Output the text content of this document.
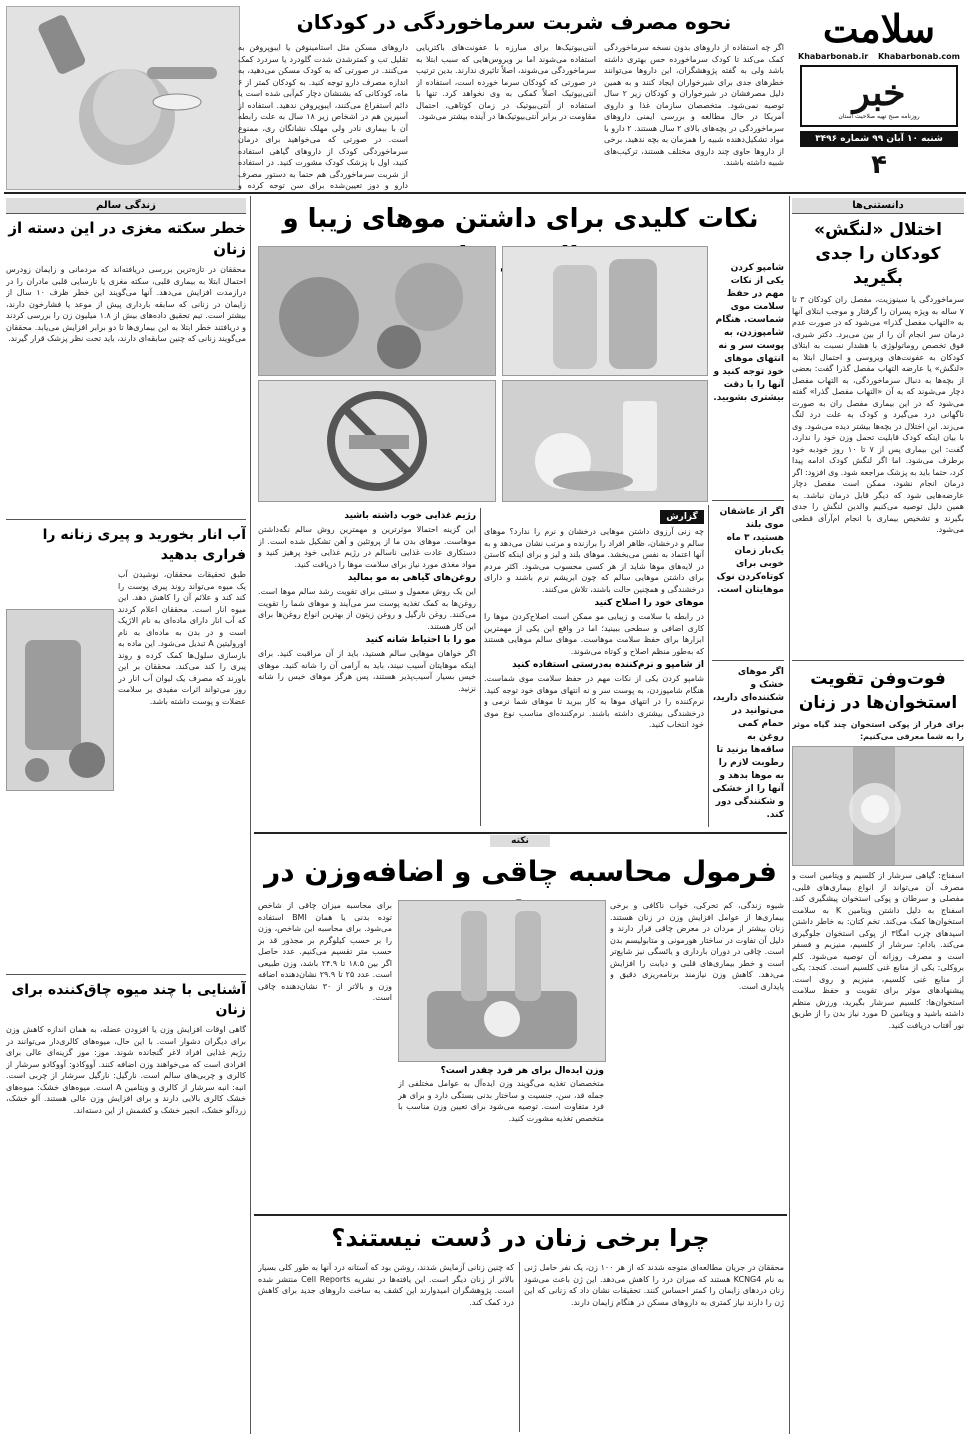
نحوه مصرف شربت سرماخوردگی در کودکان
اگر چه استفاده از داروهای بدون نسخه سرماخوردگی کمک می‌کند تا کودک سرماخورده حس بهتری داشته باشد ولی به گفته پژوهشگران، این داروها می‌توانند خطرهای جدی برای شیرخواران ایجاد کنند و به همین دلیل مصرفشان در شیرخواران و کودکان زیر ۲ سال توصیه نمی‌شود. متخصصان سازمان غذا و داروی آمریکا در حال مطالعه و بررسی ایمنی داروهای سرماخوردگی در بچه‌های بالای ۲ سال هستند. ۲ دارو با مواد تشکیل‌دهنده شبیه را همزمان به بچه ندهید، برخی از داروها حاوی چند داروی مختلف هستند، ترکیب‌های شبیه داشته باشند.
آنتی‌بیوتیک‌ها برای مبارزه با عفونت‌های باکتریایی استفاده می‌شوند اما بر ویروس‌هایی که سبب ابتلا به سرماخوردگی می‌شوند، اصلاً تاثیری ندارند. بدین ترتیب در صورتی که کودکان سرما خورده است، استفاده از آنتی‌بیوتیک اصلاً کمکی به وی نخواهد کرد. تنها با استفاده از آنتی‌بیوتیک در زمان کوتاهی، احتمال مقاومت در برابر آنتی‌بیوتیک‌ها در آینده بیشتر می‌شود.
داروهای مسکن مثل استامینوفن یا ایبوپروفن به تقلیل تب و کمترشدن شدت گلودرد یا سردرد کمک می‌کنند. در صورتی که به کودک مسکن می‌دهید، به اندازه مصرف دارو توجه کنید. به کودکان کمتر از ۶ ماه، کودکانی که بشنشان دچار کم‌آبی شده است یا دائم استفراغ می‌کنند، ایبوپروفن ندهید. استفاده از آسپرین هم در اشخاص زیر ۱۸ سال به علت رابطه آن با بیماری نادر ولی مهلک نشانگان ری، ممنوع است. در صورتی که می‌خواهید برای درمان سرماخوردگی کودک از داروهای گیاهی استفاده کنید، اول با پزشک کودک مشورت کنید. در استفاده از شربت سرماخوردگی هم حتما به دستور مصرف دارو و دوز تعیین‌شده برای سن توجه کرده و
سلامت
Khabarbonab.ir Khabarbonab.com
خبر
روزنامه صبح تهیه صلاحیت استان
شنبه ۱۰ آبان ۹۹ شماره ۳۴۹۶
۴
دانستنی‌ها
اختلال «لنگش» کودکان را جدی بگیرید
سرماخوردگی یا سینوزیت، مفصل ران کودکان ۳ تا ۷ ساله به ویژه پسران را گرفتار و موجب ابتلای آنها به «التهاب مفصل گذرا» می‌شود که در صورت عدم درمان سر انجام آن را از بین می‌برد. دکتر شیری، فوق تخصص روماتولوژی با هشدار نسبت به ابتلای کودکان به عفونت‌های ویروسی و احتمال ابتلا به «لنگش» یا عارضه التهاب مفصل گذرا گفت: بعضی از بچه‌ها به دنبال سرماخوردگی، به التهاب مفصل دچار می‌شوند که به آن «التهاب مفصل گذرا» گفته می‌شود که در این بیماری مفصل ران به صورت ناگهانی درد می‌گیرد و کودک به علت درد لنگ می‌زند. این اختلال در بچه‌ها بیشتر دیده می‌شود. وی با بیان اینکه کودک قابلیت تحمل وزن خود را ندارد، گفت: این بیماری پس از ۷ تا ۱۰ روز خودبه خود برطرف می‌شود. اما اگر لنگش کودک ادامه پیدا کرد، حتما باید به پزشک مراجعه شود. وی افزود: اگر درمان انجام نشود، ممکن است مفصل دچار عارضه‌هایی شود که دیگر قابل درمان نباشد. به همین دلیل توصیه می‌کنیم والدین لنگش را جدی بگیرند و تشخیص بیماری با انجام ام‌آرآی قطعی می‌شود.
فوت‌وفن تقویت استخوان‌ها در زنان
برای فرار از پوکی استخوان چند گیاه موثر را به شما معرفی می‌کنیم:
اسفناج: گیاهی سرشار از کلسیم و ویتامین است و مصرف آن می‌تواند از انواع بیماری‌های قلبی، مفصلی و سرطان و پوکی استخوان پیشگیری کند. اسفناج به دلیل داشتن ویتامین K به سلامت استخوان‌ها کمک می‌کند. تخم کتان: به خاطر داشتن اسیدهای چرب امگا۳ از پوکی استخوان جلوگیری می‌کند. بادام: سرشار از کلسیم، منیزیم و فسفر است و مصرف روزانه آن توصیه می‌شود. کلم بروکلی: یکی از منابع غنی کلسیم است. کنجد: یکی از منابع غنی کلسیم، منیزیم و روی است. پیشنهادهای موثر برای تقویت و حفظ سلامت استخوان‌ها: کلسیم سرشار بگیرید، ورزش منظم داشته باشید و ویتامین D مورد نیاز بدن را از طریق نور آفتاب دریافت کنید.
زندگی سالم
خطر سکته مغزی در این دسته از زنان
محققان در تازه‌ترین بررسی دریافته‌اند که مردمانی و زایمان زودرس احتمال ابتلا به بیماری قلبی، سکته مغزی یا نارسایی قلبی مادران را در درازمدت افزایش می‌دهد. آنها می‌گویند این خطر ظرف ۱۰ سال از زایمان در زنانی که سابقه بارداری پیش از موعد یا فشارخون دارند، بیشتر است. تیم تحقیق داده‌های بیش از ۱.۸ میلیون زن را بررسی کردند و دریافتند خطر ابتلا به این بیماری‌ها تا دو برابر افزایش می‌یابد. محققان می‌گویند زنانی که چنین سابقه‌ای دارند، باید تحت نظر پزشک قرار گیرند.
آب انار بخورید و پیری زنانه را فراری بدهید
طبق تحقیقات محققان، نوشیدن آب یک میوه می‌تواند روند پیری پوست را کند کند و علائم آن را کاهش دهد. این میوه انار است. محققان اعلام کردند که آب انار دارای ماده‌ای به نام الاژیک است و در بدن به ماده‌ای به نام اورولیتین A تبدیل می‌شود. این ماده به بازسازی سلول‌ها کمک کرده و روند پیری را کند می‌کند. محققان بر این باورند که مصرف یک لیوان آب انار در روز می‌تواند اثرات مفیدی بر سلامت عضلات و پوست داشته باشد.
آشنایی با چند میوه چاق‌کننده برای زنان
گاهی اوقات افزایش وزن یا افزودن عضله، به همان اندازه کاهش وزن برای دیگران دشوار است. با این حال، میوه‌های کالری‌دار می‌توانند در رژیم غذایی افراد لاغر گنجانده شوند. موز: موز گزینه‌ای عالی برای افرادی است که می‌خواهند وزن اضافه کنند. آووکادو: آووکادو سرشار از کالری و چربی‌های سالم است. نارگیل: نارگیل سرشار از چربی است. انبه: انبه سرشار از کالری و ویتامین A است. میوه‌های خشک: میوه‌های خشک کالری بالایی دارند و برای افزایش وزن عالی هستند. آلو خشک، زردآلو خشک، انجیر خشک و کشمش از این دسته‌اند.
نکات کلیدی برای داشتن موهای زیبا و
شامپو کردن یکی از نکات مهم در حفظ سلامت موی شماست. هنگام شامپوزدن، به پوست سر و نه انتهای موهای خود توجه کنید و آنها را با دقت بیشتری بشویید.
اگر از عاشقان موی بلند هستید، ۳ ماه یک‌بار زمان خوبی برای کوتاه‌کردن نوک موهایتان است.
اگر موهای خشک و شکننده‌ای دارید، می‌توانید در حمام کمی روغن به ساقه‌ها بزنید تا رطوبت لازم را به موها بدهد و آنها را از خشکی و شکنندگی دور کند.
گزارش
چه زنی آرزوی داشتن موهایی درخشان و نرم را ندارد؟ موهای سالم و درخشان، ظاهر افراد را برازنده و مرتب نشان می‌دهد و به آنها اعتماد به نفس می‌بخشد. موهای بلند و لیز و برای اینکه کاستن در لایه‌های موها شاید از هر کسی محسوب می‌شود. اکثر مردم برای داشتن موهایی سالم که چون ابریشم نرم باشند و دارای درخشندگی و همچنین حالت باشند، تلاش می‌کنند.
موهای خود را اصلاح کنید
در رابطه با سلامت و زیبایی مو ممکن است اصلاح‌کردن موها را کاری اضافی و سطحی ببینید؛ اما در واقع این یکی از مهمترین ابزارها برای حفظ سلامت موهاست. موهای سالم موهایی هستند که به‌طور منظم اصلاح و کوتاه می‌شوند.
از شامپو و نرم‌کننده به‌درستی استفاده کنید
شامپو کردن یکی از نکات مهم در حفظ سلامت موی شماست. هنگام شامپوزدن، به پوست سر و نه انتهای موهای خود توجه کنید. نرم‌کننده را در انتهای موها به کار ببرید تا موهای شما نرمی و درخشندگی بیشتری داشته باشند. نرم‌کننده‌ای مناسب نوع موی خود انتخاب کنید.
رژیم غذایی خوب داشته باشید
این گزینه احتمالا موثرترین و مهمترین روش سالم نگه‌داشتن موهاست. موهای بدن ما از پروتئین و آهن تشکیل شده است. از دستکاری عادت غذایی ناسالم در رژیم غذایی خود پرهیز کنید و مواد مغذی مورد نیاز برای سلامت موها را دریافت کنید.
روغن‌های گیاهی به مو بمالید
این یک روش معمول و سنتی برای تقویت رشد سالم موها است. روغن‌ها به کمک تغذیه پوست سر می‌آیند و موهای شما را تقویت می‌کنند. روغن نارگیل و روغن زیتون از بهترین انواع روغن‌ها برای این کار هستند.
مو را با احتیاط شانه کنید
اگر خواهان موهایی سالم هستید، باید از آن مراقبت کنید. برای اینکه موهایتان آسیب نبیند، باید به آرامی آن را شانه کنید. موهای خیس بسیار آسیب‌پذیر هستند، پس هرگز موهای خیس را شانه نزنید.
نکته
فرمول محاسبه چاقی و اضافه‌وزن در
شیوه زندگی، کم تحرکی، خواب ناکافی و برخی بیماری‌ها از عوامل افزایش وزن در زنان هستند. زنان بیشتر از مردان در معرض چاقی قرار دارند و دلیل آن تفاوت در ساختار هورمونی و متابولیسم بدن است. چاقی در دوران بارداری و یائسگی نیز شایع‌تر است و خطر بیماری‌های قلبی و دیابت را افزایش می‌دهد. کاهش وزن نیازمند برنامه‌ریزی دقیق و پایداری است.
برای محاسبه میزان چاقی از شاخص توده بدنی یا همان BMI استفاده می‌شود. برای محاسبه این شاخص، وزن را بر حسب کیلوگرم بر مجذور قد بر حسب متر تقسیم می‌کنیم. عدد حاصل اگر بین ۱۸.۵ تا ۲۴.۹ باشد، وزن طبیعی است. عدد ۲۵ تا ۲۹.۹ نشان‌دهنده اضافه وزن و بالاتر از ۳۰ نشان‌دهنده چاقی است.
وزن ایده‌آل برای هر فرد چقدر است؟
متخصصان تغذیه می‌گویند وزن ایده‌آل به عوامل مختلفی از جمله قد، سن، جنسیت و ساختار بدنی بستگی دارد و برای هر فرد متفاوت است. توصیه می‌شود برای تعیین وزن مناسب با متخصص تغذیه مشورت کنید.
چرا برخی زنان در دُست نیستند؟
محققان در جریان مطالعه‌ای متوجه شدند که از هر ۱۰۰ زن، یک نفر حامل ژنی به نام KCNG4 هستند که میزان درد را کاهش می‌دهد. این ژن باعث می‌شود زنان دردهای زایمان را کمتر احساس کنند. تحقیقات نشان داد که زنانی که این ژن را دارند نیاز کمتری به داروهای مسکن در هنگام زایمان دارند.
که چنین زنانی آزمایش شدند، روشن بود که آستانه درد آنها به طور کلی بسیار بالاتر از زنان دیگر است. این یافته‌ها در نشریه Cell Reports منتشر شده است. پژوهشگران امیدوارند این کشف به ساخت داروهای جدید برای کاهش درد کمک کند.
